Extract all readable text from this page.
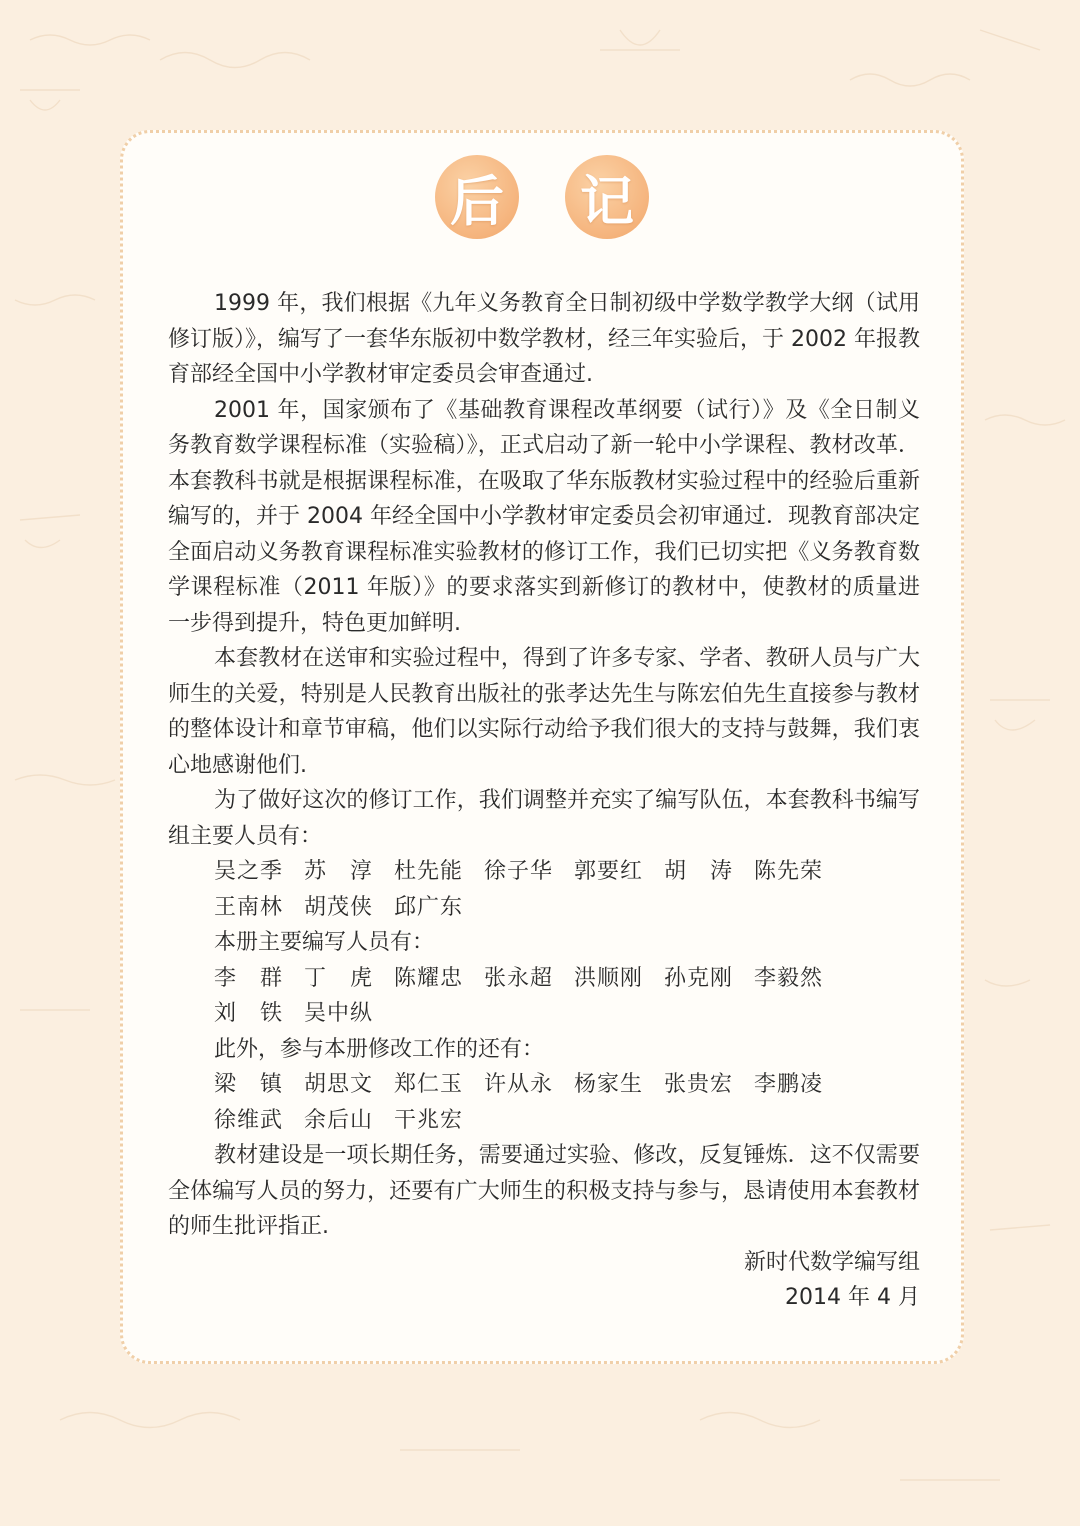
后 记

1999 年，我们根据《九年义务教育全日制初级中学数学教学大纲（试用修订版）》，编写了一套华东版初中数学教材，经三年实验后，于 2002 年报教育部经全国中小学教材审定委员会审查通过.

2001 年，国家颁布了《基础教育课程改革纲要（试行）》及《全日制义务教育数学课程标准（实验稿）》，正式启动了新一轮中小学课程、教材改革．本套教科书就是根据课程标准，在吸取了华东版教材实验过程中的经验后重新编写的，并于 2004 年经全国中小学教材审定委员会初审通过．现教育部决定全面启动义务教育课程标准实验教材的修订工作，我们已切实把《义务教育数学课程标准（2011 年版）》的要求落实到新修订的教材中，使教材的质量进一步得到提升，特色更加鲜明.

本套教材在送审和实验过程中，得到了许多专家、学者、教研人员与广大师生的关爱，特别是人民教育出版社的张孝达先生与陈宏伯先生直接参与教材的整体设计和章节审稿，他们以实际行动给予我们很大的支持与鼓舞，我们衷心地感谢他们.

为了做好这次的修订工作，我们调整并充实了编写队伍，本套教科书编写组主要人员有：

吴之季 苏　淳 杜先能 徐子华 郭要红 胡　涛 陈先荣
王南林 胡茂侠 邱广东
本册主要编写人员有：
李　群 丁　虎 陈耀忠 张永超 洪顺刚 孙克刚 李毅然
刘　铁 吴中纵
此外，参与本册修改工作的还有：
梁　镇 胡思文 郑仁玉 许从永 杨家生 张贵宏 李鹏凌
徐维武 余后山 干兆宏

教材建设是一项长期任务，需要通过实验、修改，反复锤炼．这不仅需要全体编写人员的努力，还要有广大师生的积极支持与参与，恳请使用本套教材的师生批评指正.

新时代数学编写组
2014 年 4 月
